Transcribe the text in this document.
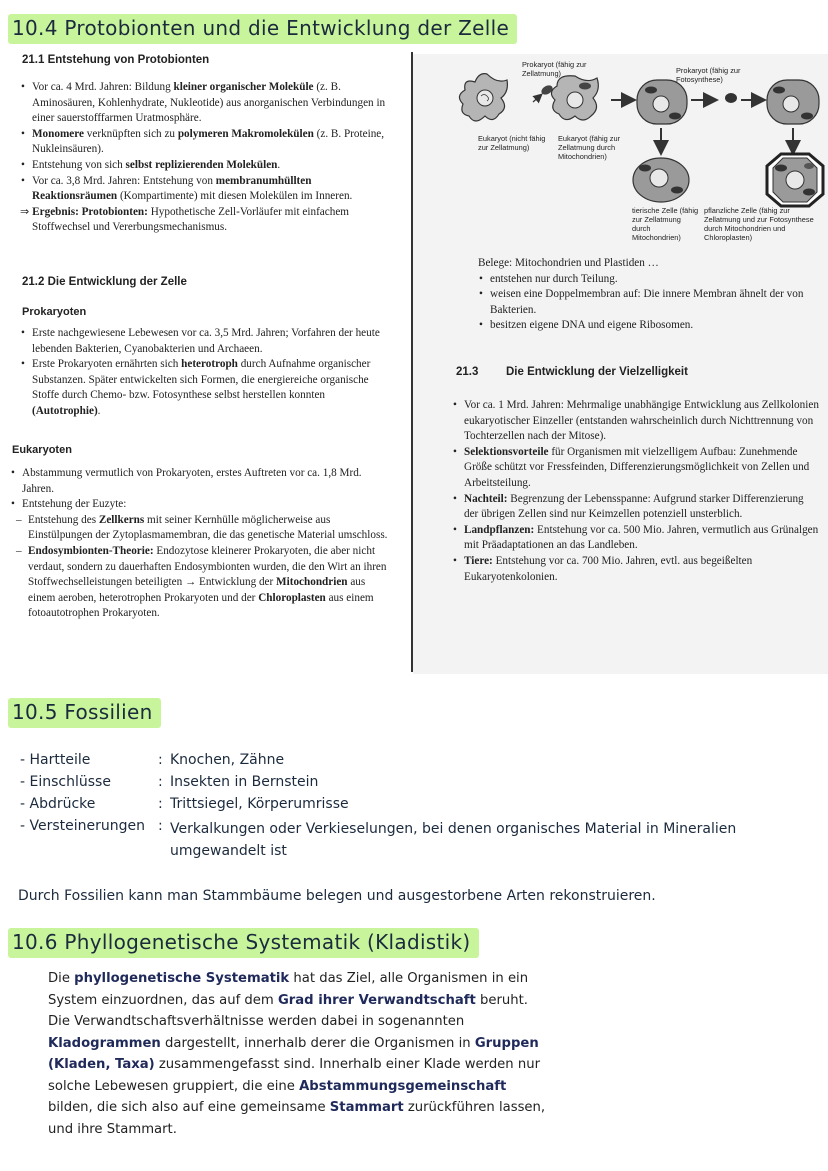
10.4 Protobionten und die Entwicklung der Zelle
21.1 Entstehung von Protobionten
• Vor ca. 4 Mrd. Jahren: Bildung kleiner organischer Moleküle (z. B. Aminosäuren, Kohlenhydrate, Nukleotide) aus anorganischen Verbindungen in einer sauerstofffarmen Uratmosphäre.
• Monomere verknüpften sich zu polymeren Makromolekülen (z. B. Proteine, Nukleinsäuren).
• Entstehung von sich selbst replizierenden Molekülen.
• Vor ca. 3,8 Mrd. Jahren: Entstehung von membranumhüllten Reaktionsräumen (Kompartimente) mit diesen Molekülen im Inneren.

⇒ Ergebnis: Protobionten: Hypothetische Zell-Vorläufer mit einfachem Stoffwechsel und Vererbungsmechanismus.

21.2 Die Entwicklung der Zelle
Prokaryoten
• Erste nachgewiesene Lebewesen vor ca. 3,5 Mrd. Jahren; Vorfahren der heute lebenden Bakterien, Cyanobakterien und Archaeen.
• Erste Prokaryoten ernährten sich heterotroph durch Aufnahme organischer Substanzen. Später entwickelten sich Formen, die energiereiche organische Stoffe durch Chemo- bzw. Fotosynthese selbst herstellen konnten (Autotrophie).
Eukaryoten
• Abstammung vermutlich von Prokaryoten, erstes Auftreten vor ca. 1,8 Mrd. Jahren.
• Entstehung der Euzyte:
– Entstehung des Zellkerns mit seiner Kernhülle möglicherweise aus Einstülpungen der Zytoplasmamembran, die das genetische Material umschloss.
– Endosymbionten-Theorie: Endozytose kleinerer Prokaryoten, die aber nicht verdaut, sondern zu dauerhaften Endosymbionten wurden, die den Wirt an ihren Stoffwechselleistungen beteiligten → Entwicklung der Mitochondrien aus einem aeroben, heterotrophen Prokaryoten und der Chloroplasten aus einem fotoautotrophen Prokaryoten.
Prokaryot (fähig zur Zellatmung)	Prokaryot (fähig zur Fotosynthese)
Eukaryot (nicht fähig zur Zellatmung)
Eukaryot (fähig zur Zellatmung durch Mitochondrien)
tierische Zelle (fähig zur Zellatmung durch Mitochondrien)
pflanzliche Zelle (fähig zur Zellatmung und zur Fotosynthese durch Mitochondrien und Chloroplasten)

Belege: Mitochondrien und Plastiden …

• entstehen nur durch Teilung.
• weisen eine Doppelmembran auf: Die innere Membran ähnelt der von Bakterien.
• besitzen eigene DNA und eigene Ribosomen.
21.3 Die Entwicklung der Vielzelligkeit
• Vor ca. 1 Mrd. Jahren: Mehrmalige unabhängige Entwicklung aus Zellkolonien eukaryotischer Einzeller (entstanden wahrscheinlich durch Nichttrennung von Tochterzellen nach der Mitose).
• Selektionsvorteile für Organismen mit vielzelligem Aufbau: Zunehmende Größe schützt vor Fressfeinden, Differenzierungsmöglichkeit von Zellen und Arbeitsteilung.
• Nachteil: Begrenzung der Lebensspanne: Aufgrund starker Differenzierung der übrigen Zellen sind nur Keimzellen potenziell unsterblich.
• Landpflanzen: Entstehung vor ca. 500 Mio. Jahren, vermutlich aus Grünalgen mit Präadaptationen an das Landleben.
• Tiere: Entstehung vor ca. 700 Mio. Jahren, evtl. aus begeißelten Eukaryotenkolonien.
10.5 Fossilien
- Hartteile	: Knochen, Zähne
- Einschlüsse	: Insekten in Bernstein
- Abdrücke	: Trittsiegel, Körperumrisse
- Versteinerungen : Verkalkungen oder Verkieselungen, bei denen organisches Material in Mineralien umgewandelt ist
Durch Fossilien kann man Stammbäume belegen und ausgestorbene Arten rekonstruieren.
10.6 Phyllogenetische Systematik (Kladistik)
Die phyllogenetische Systematik hat das Ziel, alle Organismen in ein System einzuordnen, das auf dem Grad ihrer Verwandtschaft beruht. Die Verwandtschaftsverhältnisse werden dabei in sogenannten Kladogrammen dargestellt, innerhalb derer die Organismen in Gruppen (Kladen, Taxa) zusammengefasst sind. Innerhalb einer Klade werden nur solche Lebewesen gruppiert, die eine Abstammungsgemeinschaft bilden, die sich also auf eine gemeinsame Stammart zurückführen lassen, und ihre Stammart.
